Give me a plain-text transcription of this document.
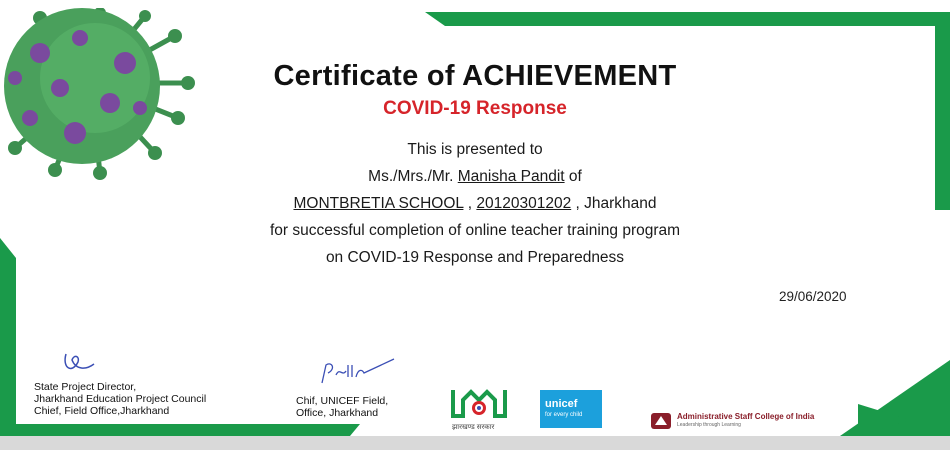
Certificate of ACHIEVEMENT
COVID-19 Response
This is presented to
Ms./Mrs./Mr. Manisha Pandit of
MONTBRETIA SCHOOL , 20120301202 , Jharkhand
for successful completion of online teacher training program
on COVID-19 Response and Preparedness
29/06/2020
State Project Director,
Jharkhand Education Project Council
Chief, Field Office,Jharkhand
Chif, UNICEF Field,
Office, Jharkhand
झारखण्ड सरकार
unicef
for every child	Administrative Staff College of India
Leadership through Learning
